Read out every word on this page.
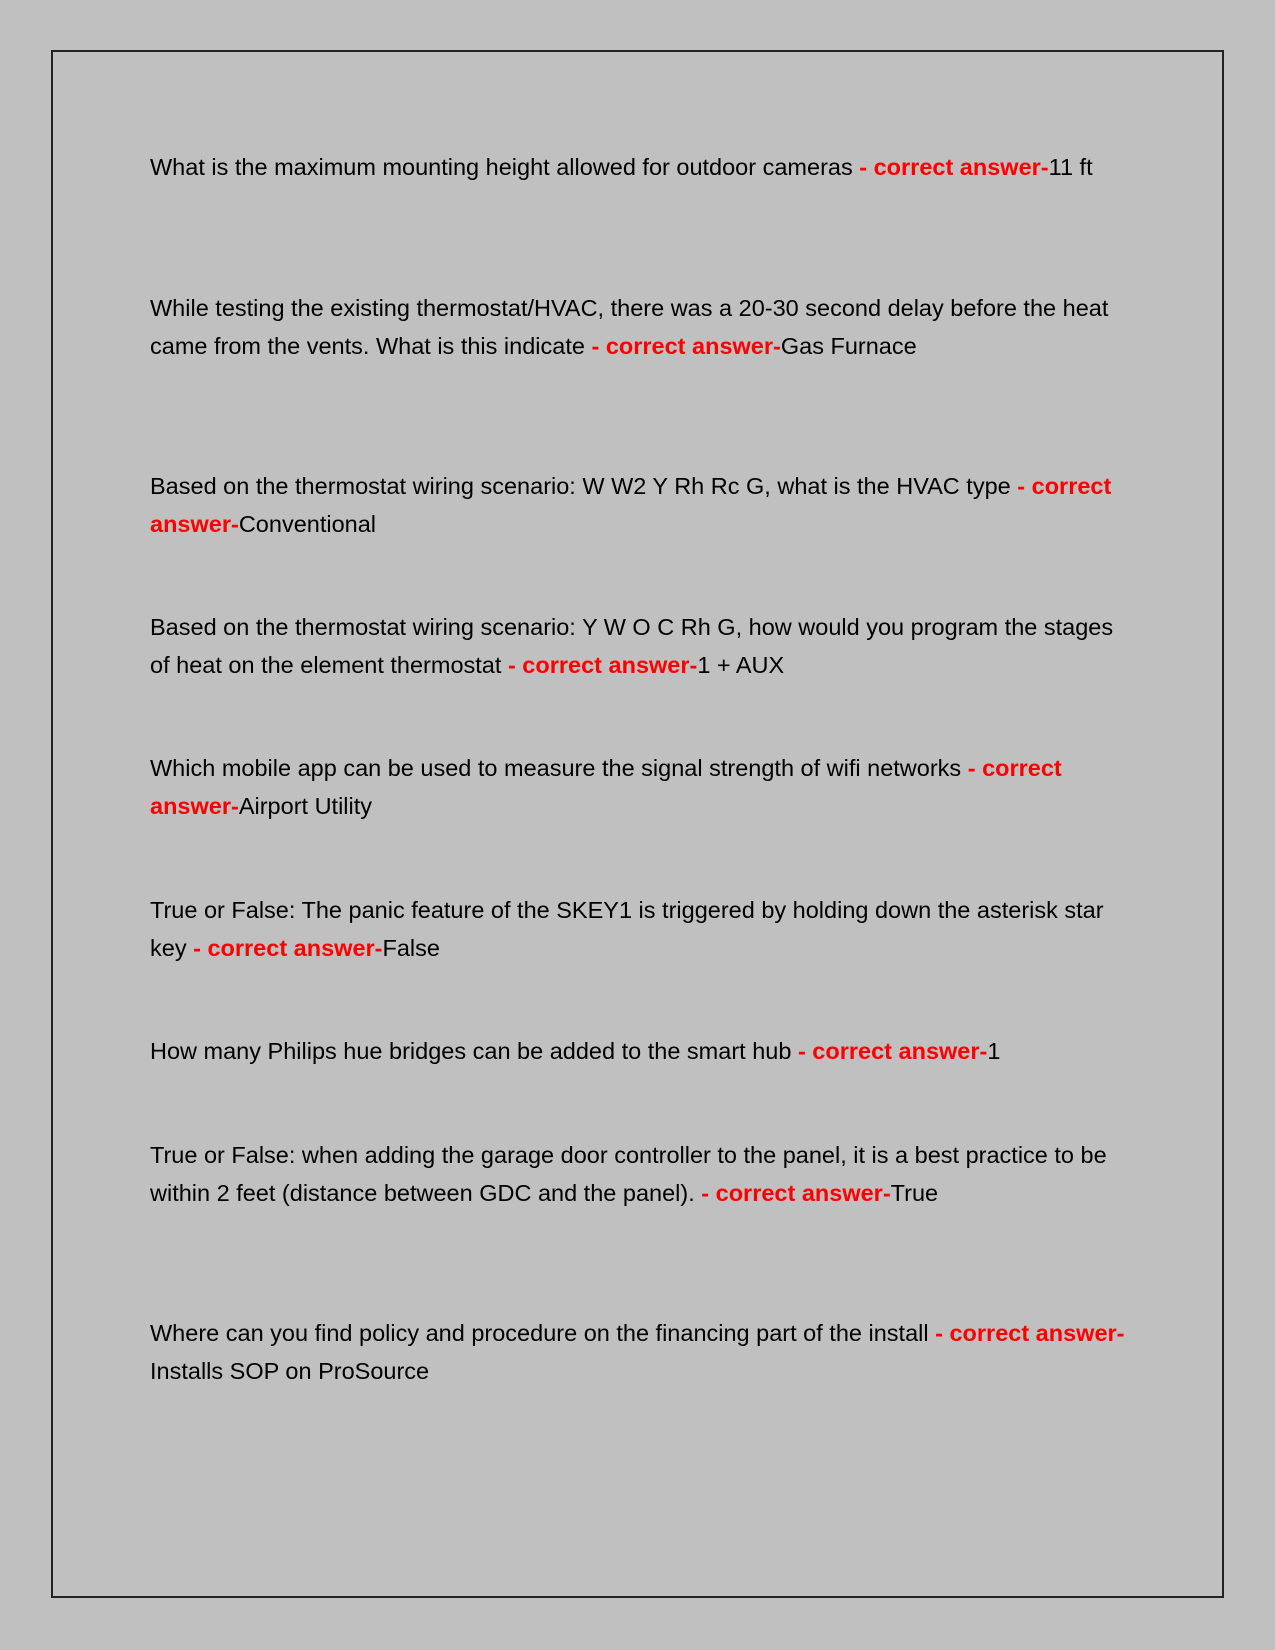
What is the maximum mounting height allowed for outdoor cameras - correct answer-11 ft
While testing the existing thermostat/HVAC, there was a 20-30 second delay before the heat came from the vents. What is this indicate - correct answer-Gas Furnace
Based on the thermostat wiring scenario: W W2 Y Rh Rc G, what is the HVAC type - correct answer-Conventional
Based on the thermostat wiring scenario: Y W O C Rh G, how would you program the stages of heat on the element thermostat - correct answer-1 + AUX
Which mobile app can be used to measure the signal strength of wifi networks - correct answer-Airport Utility
True or False: The panic feature of the SKEY1 is triggered by holding down the asterisk star key - correct answer-False
How many Philips hue bridges can be added to the smart hub - correct answer-1
True or False: when adding the garage door controller to the panel, it is a best practice to be within 2 feet (distance between GDC and the panel). - correct answer-True
Where can you find policy and procedure on the financing part of the install - correct answer-Installs SOP on ProSource
